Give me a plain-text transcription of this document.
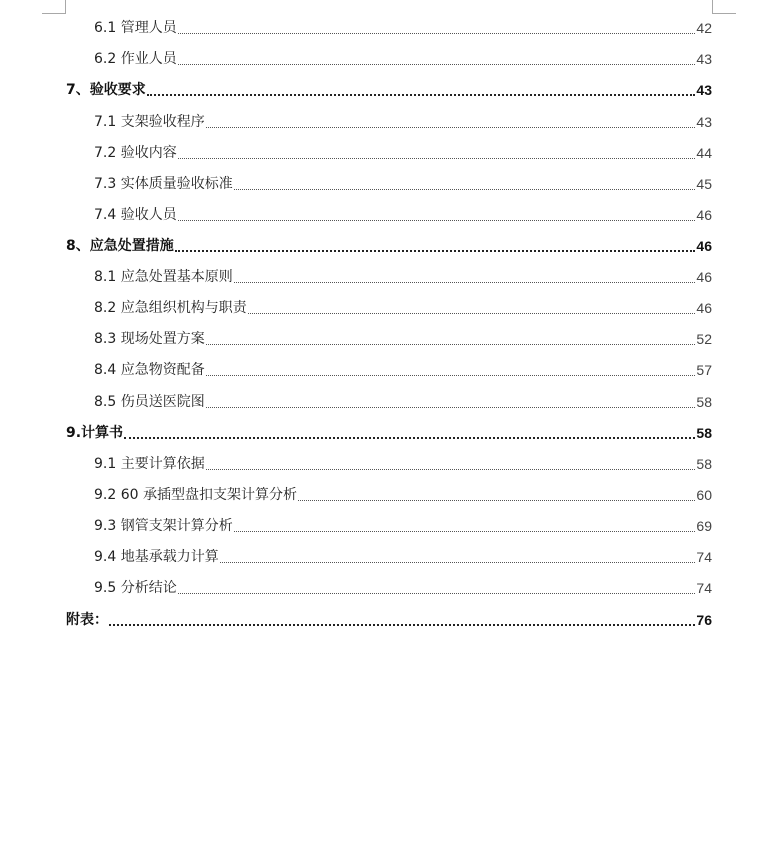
6.1 管理人员	42
6.2 作业人员	43
7、验收要求	43
7.1 支架验收程序	43
7.2 验收内容	44
7.3 实体质量验收标准	45
7.4 验收人员	46
8、应急处置措施	46
8.1 应急处置基本原则	46
8.2 应急组织机构与职责	46
8.3 现场处置方案	52
8.4 应急物资配备	57
8.5 伤员送医院图	58
9.计算书	58
9.1 主要计算依据	58
9.2 60 承插型盘扣支架计算分析	60
9.3 钢管支架计算分析	69
9.4 地基承载力计算	74
9.5 分析结论	74
附表：	76
